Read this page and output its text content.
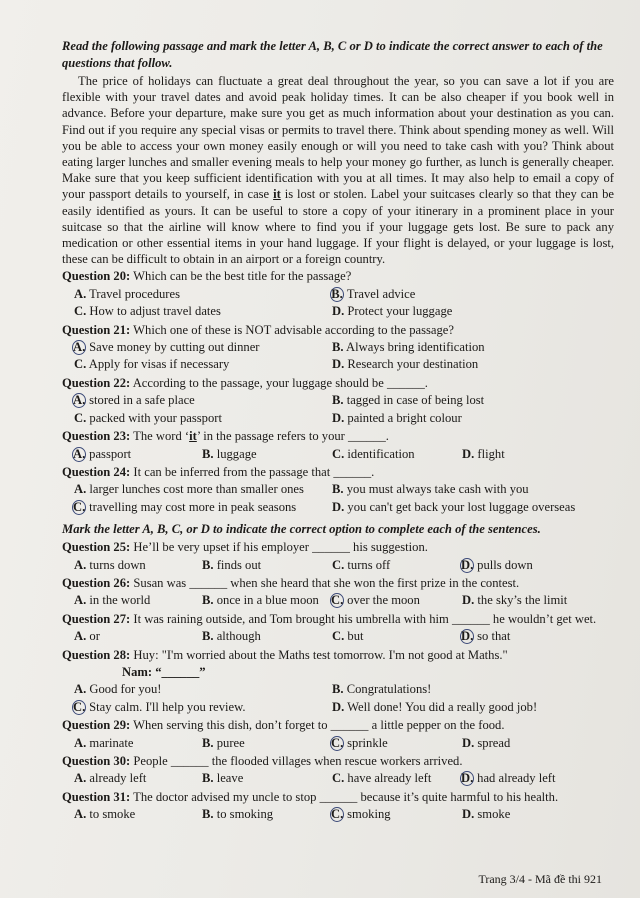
Read the following passage and mark the letter A, B, C or D to indicate the correct answer to each of the questions that follow.
The price of holidays can fluctuate a great deal throughout the year, so you can save a lot if you are flexible with your travel dates and avoid peak holiday times. It can be also cheaper if you book well in advance. Before your departure, make sure you get as much information about your destination as you can. Find out if you require any special visas or permits to travel there. Think about spending money as well. Will you be able to access your own money easily enough or will you need to take cash with you? Think about eating larger lunches and smaller evening meals to help your money go further, as lunch is generally cheaper. Make sure that you keep sufficient identification with you at all times. It may also help to email a copy of your passport details to yourself, in case it is lost or stolen. Label your suitcases clearly so that they can be easily identified as yours. It can be useful to store a copy of your itinerary in a prominent place in your suitcase so that the airline will know where to find you if your luggage gets lost. Be sure to pack any medication or other essential items in your hand luggage. If your flight is delayed, or your luggage is lost, these can be difficult to obtain in an airport or a foreign country.
Question 20: Which can be the best title for the passage?
A. Travel procedures	B. Travel advice
C. How to adjust travel dates	D. Protect your luggage
Question 21: Which one of these is NOT advisable according to the passage?
A. Save money by cutting out dinner	B. Always bring identification
C. Apply for visas if necessary	D. Research your destination
Question 22: According to the passage, your luggage should be ______.
A. stored in a safe place	B. tagged in case of being lost
C. packed with your passport	D. painted a bright colour
Question 23: The word ‘it’ in the passage refers to your ______.
A. passport	B. luggage	C. identification	D. flight
Question 24: It can be inferred from the passage that ______.
A. larger lunches cost more than smaller ones	B. you must always take cash with you
C. travelling may cost more in peak seasons	D. you can't get back your lost luggage overseas
Mark the letter A, B, C, or D to indicate the correct option to complete each of the sentences.
Question 25: He’ll be very upset if his employer ______ his suggestion.
A. turns down	B. finds out	C. turns off	D. pulls down
Question 26: Susan was ______ when she heard that she won the first prize in the contest.
A. in the world	B. once in a blue moon C. over the moon	D. the sky’s the limit
Question 27: It was raining outside, and Tom brought his umbrella with him ______ he wouldn’t get wet.
A. or	B. although	C. but	D. so that
Question 28: Huy: "I'm worried about the Maths test tomorrow. I'm not good at Maths."
Nam: “______”
A. Good for you!	B. Congratulations!
C. Stay calm. I'll help you review.	D. Well done! You did a really good job!
Question 29: When serving this dish, don’t forget to ______ a little pepper on the food.
A. marinate	B. puree	C. sprinkle	D. spread
Question 30: People ______ the flooded villages when rescue workers arrived.
A. already left	B. leave	C. have already left	D. had already left
Question 31: The doctor advised my uncle to stop ______ because it’s quite harmful to his health.
A. to smoke	B. to smoking	C. smoking	D. smoke
Trang 3/4 - Mã đề thi 921
